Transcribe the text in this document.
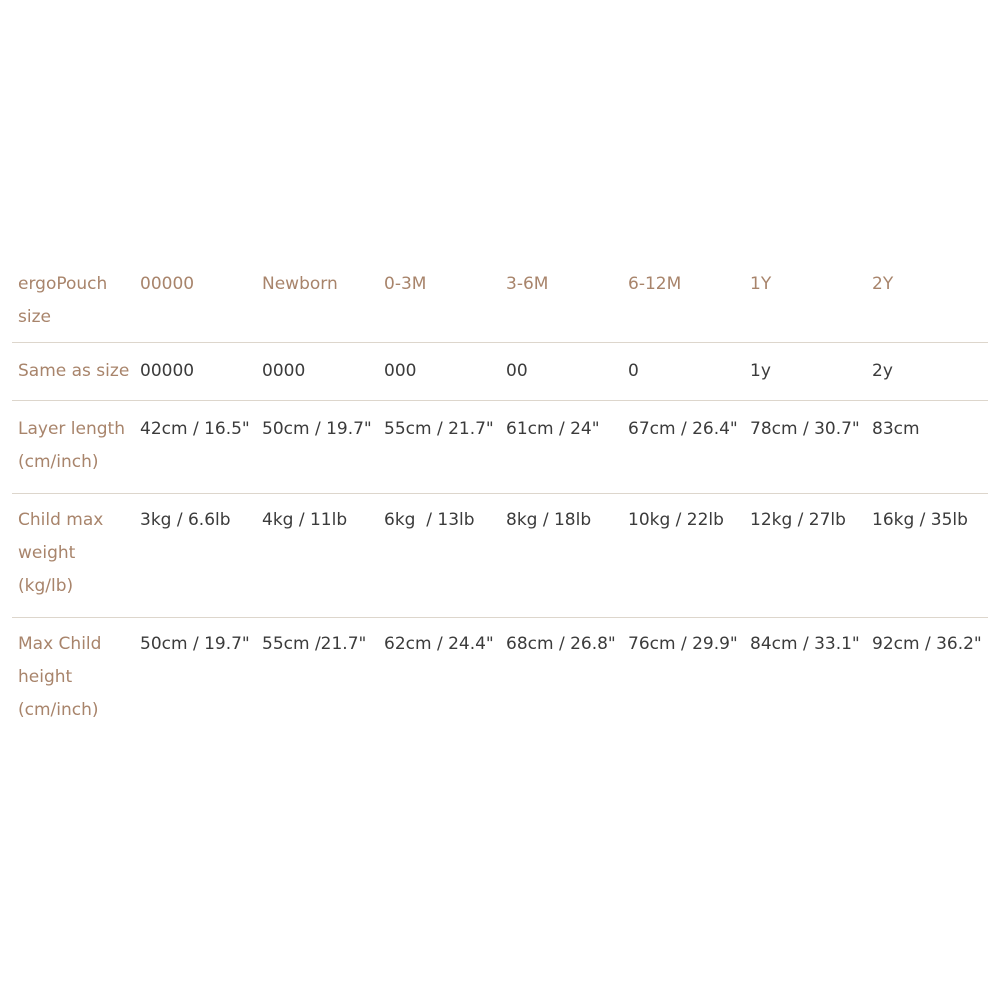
ergoPouch size	00000	Newborn	0-3M	3-6M	6-12M	1Y	2Y
Same as size	00000	0000	000	00	0	1y	2y
Layer length (cm/inch)	42cm / 16.5"	50cm / 19.7"	55cm / 21.7"	61cm / 24"	67cm / 26.4"	78cm / 30.7"	83cm
Child max weight (kg/lb)	3kg / 6.6lb	4kg / 11lb	6kg  / 13lb	8kg / 18lb	10kg / 22lb	12kg / 27lb	16kg / 35lb
Max Child height (cm/inch)	50cm / 19.7"	55cm /21.7"	62cm / 24.4"	68cm / 26.8"	76cm / 29.9"	84cm / 33.1"	92cm / 36.2"
